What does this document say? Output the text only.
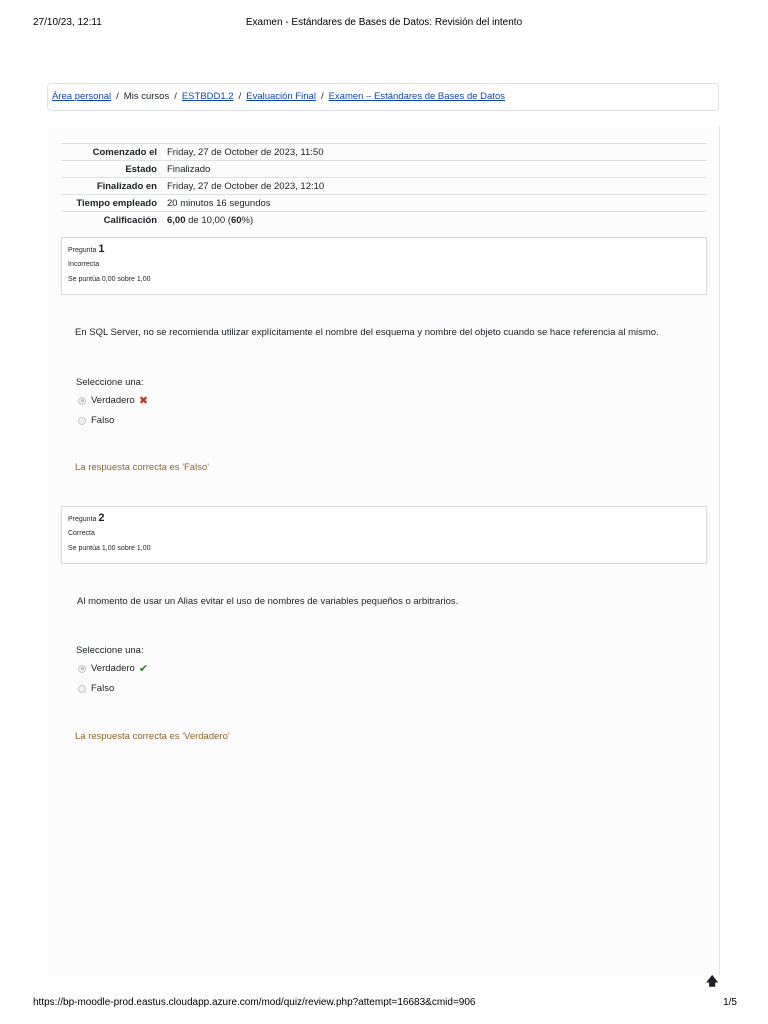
27/10/23, 12:11	Examen - Estándares de Bases de Datos: Revisión del intento
Área personal / Mis cursos / ESTBDD1.2 / Evaluación Final / Examen – Estándares de Bases de Datos
Comenzado el	Friday, 27 de October de 2023, 11:50
Estado	Finalizado
Finalizado en	Friday, 27 de October de 2023, 12:10
Tiempo empleado	20 minutos 16 segundos
Calificación	6,00 de 10,00 (60%)
Pregunta 1
Incorrecta
Se puntúa 0,00 sobre 1,00
En SQL Server, no se recomienda utilizar explícitamente el nombre del esquema y nombre del objeto cuando se hace referencia al mismo.
Seleccione una:
Verdadero ✖
Falso
La respuesta correcta es 'Falso'
Pregunta 2
Correcta
Se puntúa 1,00 sobre 1,00
Al momento de usar un Alias evitar el uso de nombres de variables pequeños o arbitrarios.
Seleccione una:
Verdadero ✔
Falso
La respuesta correcta es 'Verdadero'
🡅
https://bp-moodle-prod.eastus.cloudapp.azure.com/mod/quiz/review.php?attempt=16683&cmid=906	1/5
